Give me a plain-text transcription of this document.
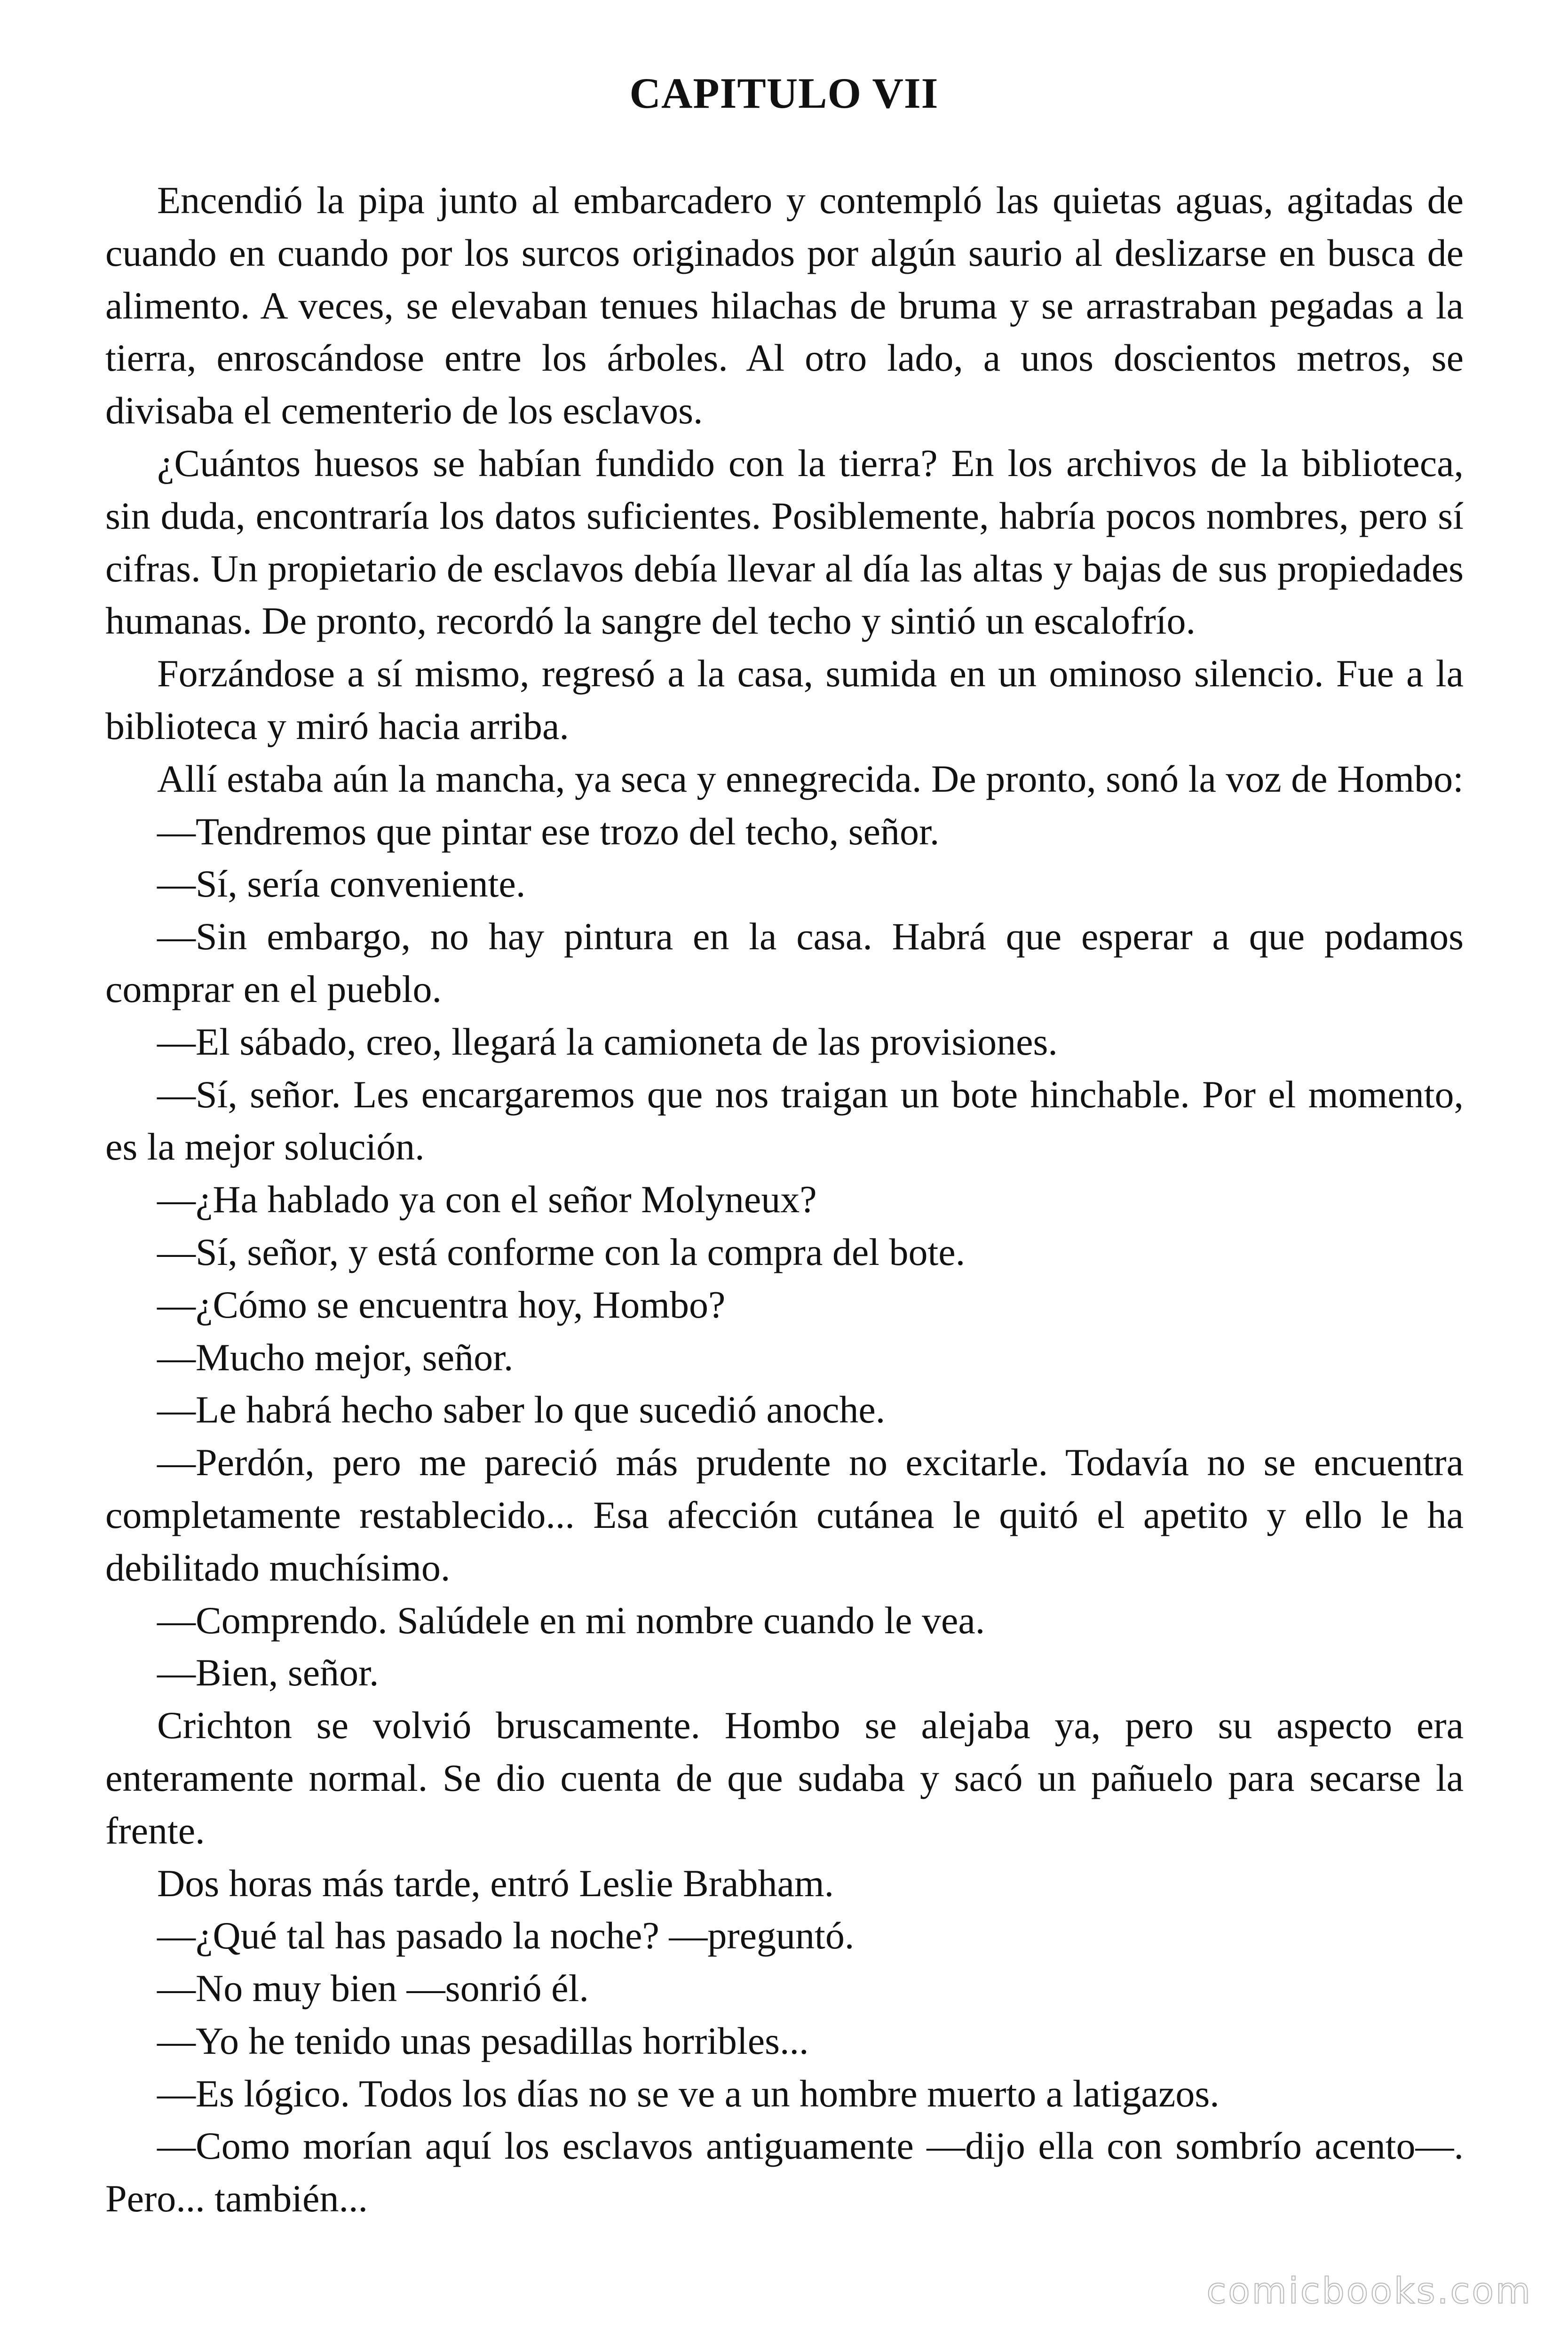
CAPITULO VII

Encendió la pipa junto al embarcadero y contempló las quietas aguas, agitadas de cuando en cuando por los surcos originados por algún saurio al deslizarse en busca de alimento. A veces, se elevaban tenues hilachas de bruma y se arrastraban pegadas a la tierra, enroscándose entre los árboles. Al otro lado, a unos doscientos metros, se divisaba el cementerio de los esclavos.

¿Cuántos huesos se habían fundido con la tierra? En los archivos de la biblioteca, sin duda, encontraría los datos suficientes. Posiblemente, habría pocos nombres, pero sí cifras. Un propietario de esclavos debía llevar al día las altas y bajas de sus propiedades humanas. De pronto, recordó la sangre del techo y sintió un escalofrío.

Forzándose a sí mismo, regresó a la casa, sumida en un ominoso silencio. Fue a la biblioteca y miró hacia arriba.

Allí estaba aún la mancha, ya seca y ennegrecida. De pronto, sonó la voz de Hombo:

—Tendremos que pintar ese trozo del techo, señor.

—Sí, sería conveniente.

—Sin embargo, no hay pintura en la casa. Habrá que esperar a que podamos comprar en el pueblo.

—El sábado, creo, llegará la camioneta de las provisiones.

—Sí, señor. Les encargaremos que nos traigan un bote hinchable. Por el momento, es la mejor solución.

—¿Ha hablado ya con el señor Molyneux?

—Sí, señor, y está conforme con la compra del bote.

—¿Cómo se encuentra hoy, Hombo?

—Mucho mejor, señor.

—Le habrá hecho saber lo que sucedió anoche.

—Perdón, pero me pareció más prudente no excitarle. Todavía no se encuentra completamente restablecido... Esa afección cutánea le quitó el apetito y ello le ha debilitado muchísimo.

—Comprendo. Salúdele en mi nombre cuando le vea.

—Bien, señor.

Crichton se volvió bruscamente. Hombo se alejaba ya, pero su aspecto era enteramente normal. Se dio cuenta de que sudaba y sacó un pañuelo para secarse la frente.

Dos horas más tarde, entró Leslie Brabham.

—¿Qué tal has pasado la noche? —preguntó.

—No muy bien —sonrió él.

—Yo he tenido unas pesadillas horribles...

—Es lógico. Todos los días no se ve a un hombre muerto a latigazos.

—Como morían aquí los esclavos antiguamente —dijo ella con sombrío acento—. Pero... también...

comicbooks.com
